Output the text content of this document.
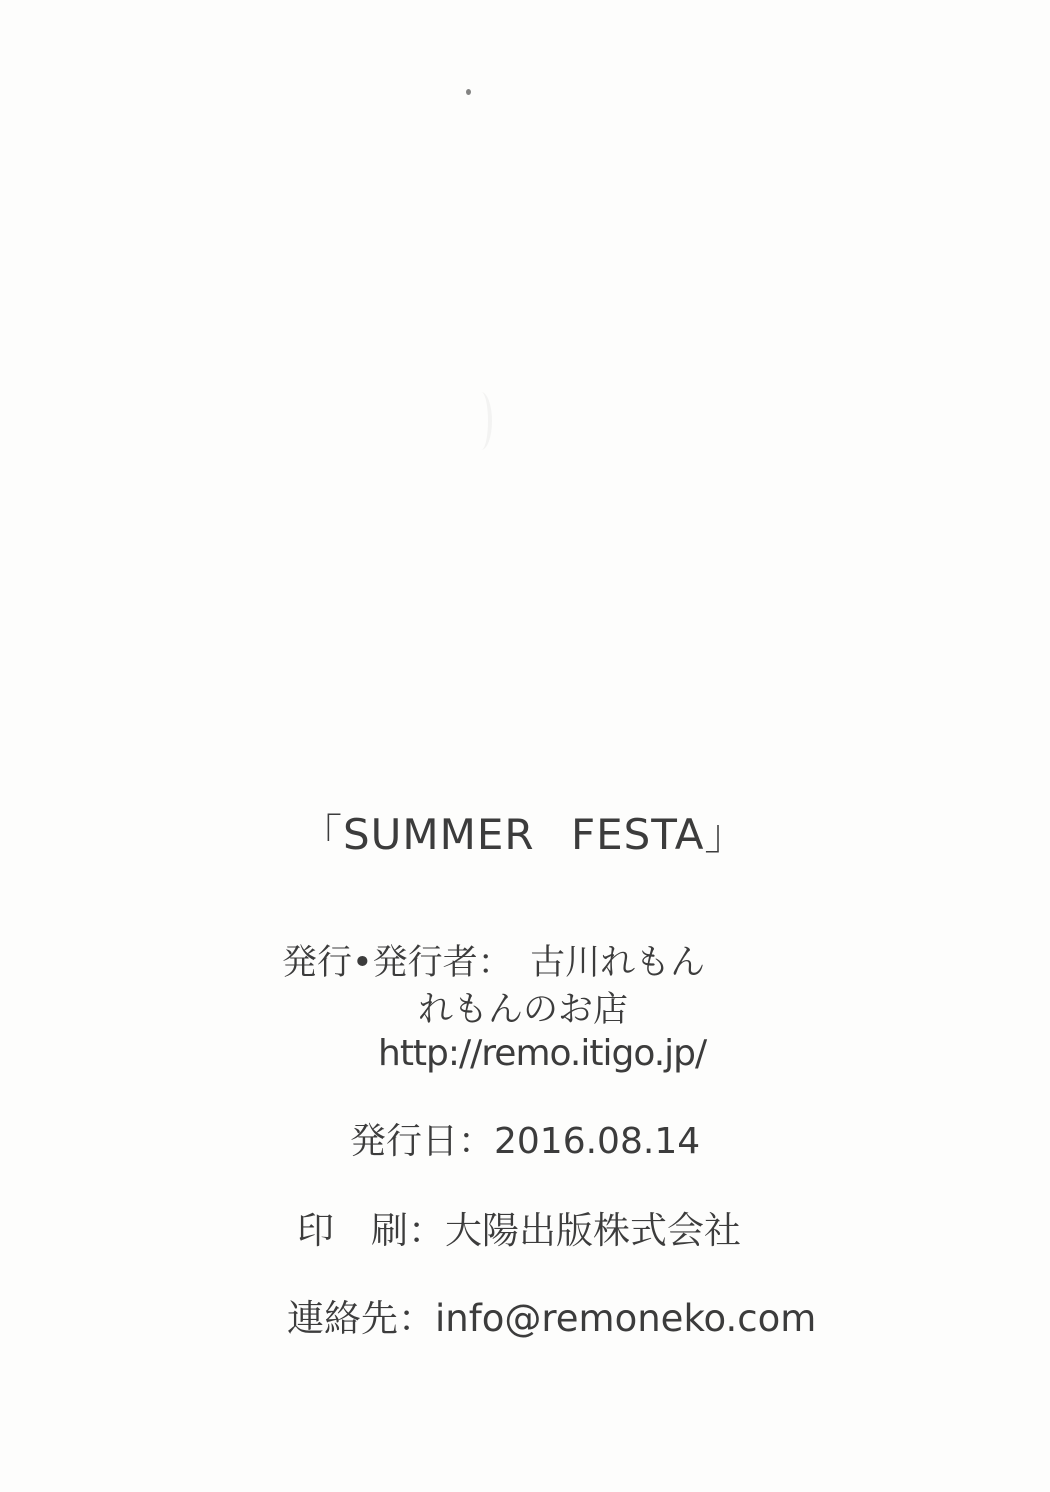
「SUMMER FESTA」
発行•発行者：　古川れもん
れもんのお店
http://remo.itigo.jp/
発行日：2016.08.14
印　刷：大陽出版株式会社
連絡先：info@remoneko.com
